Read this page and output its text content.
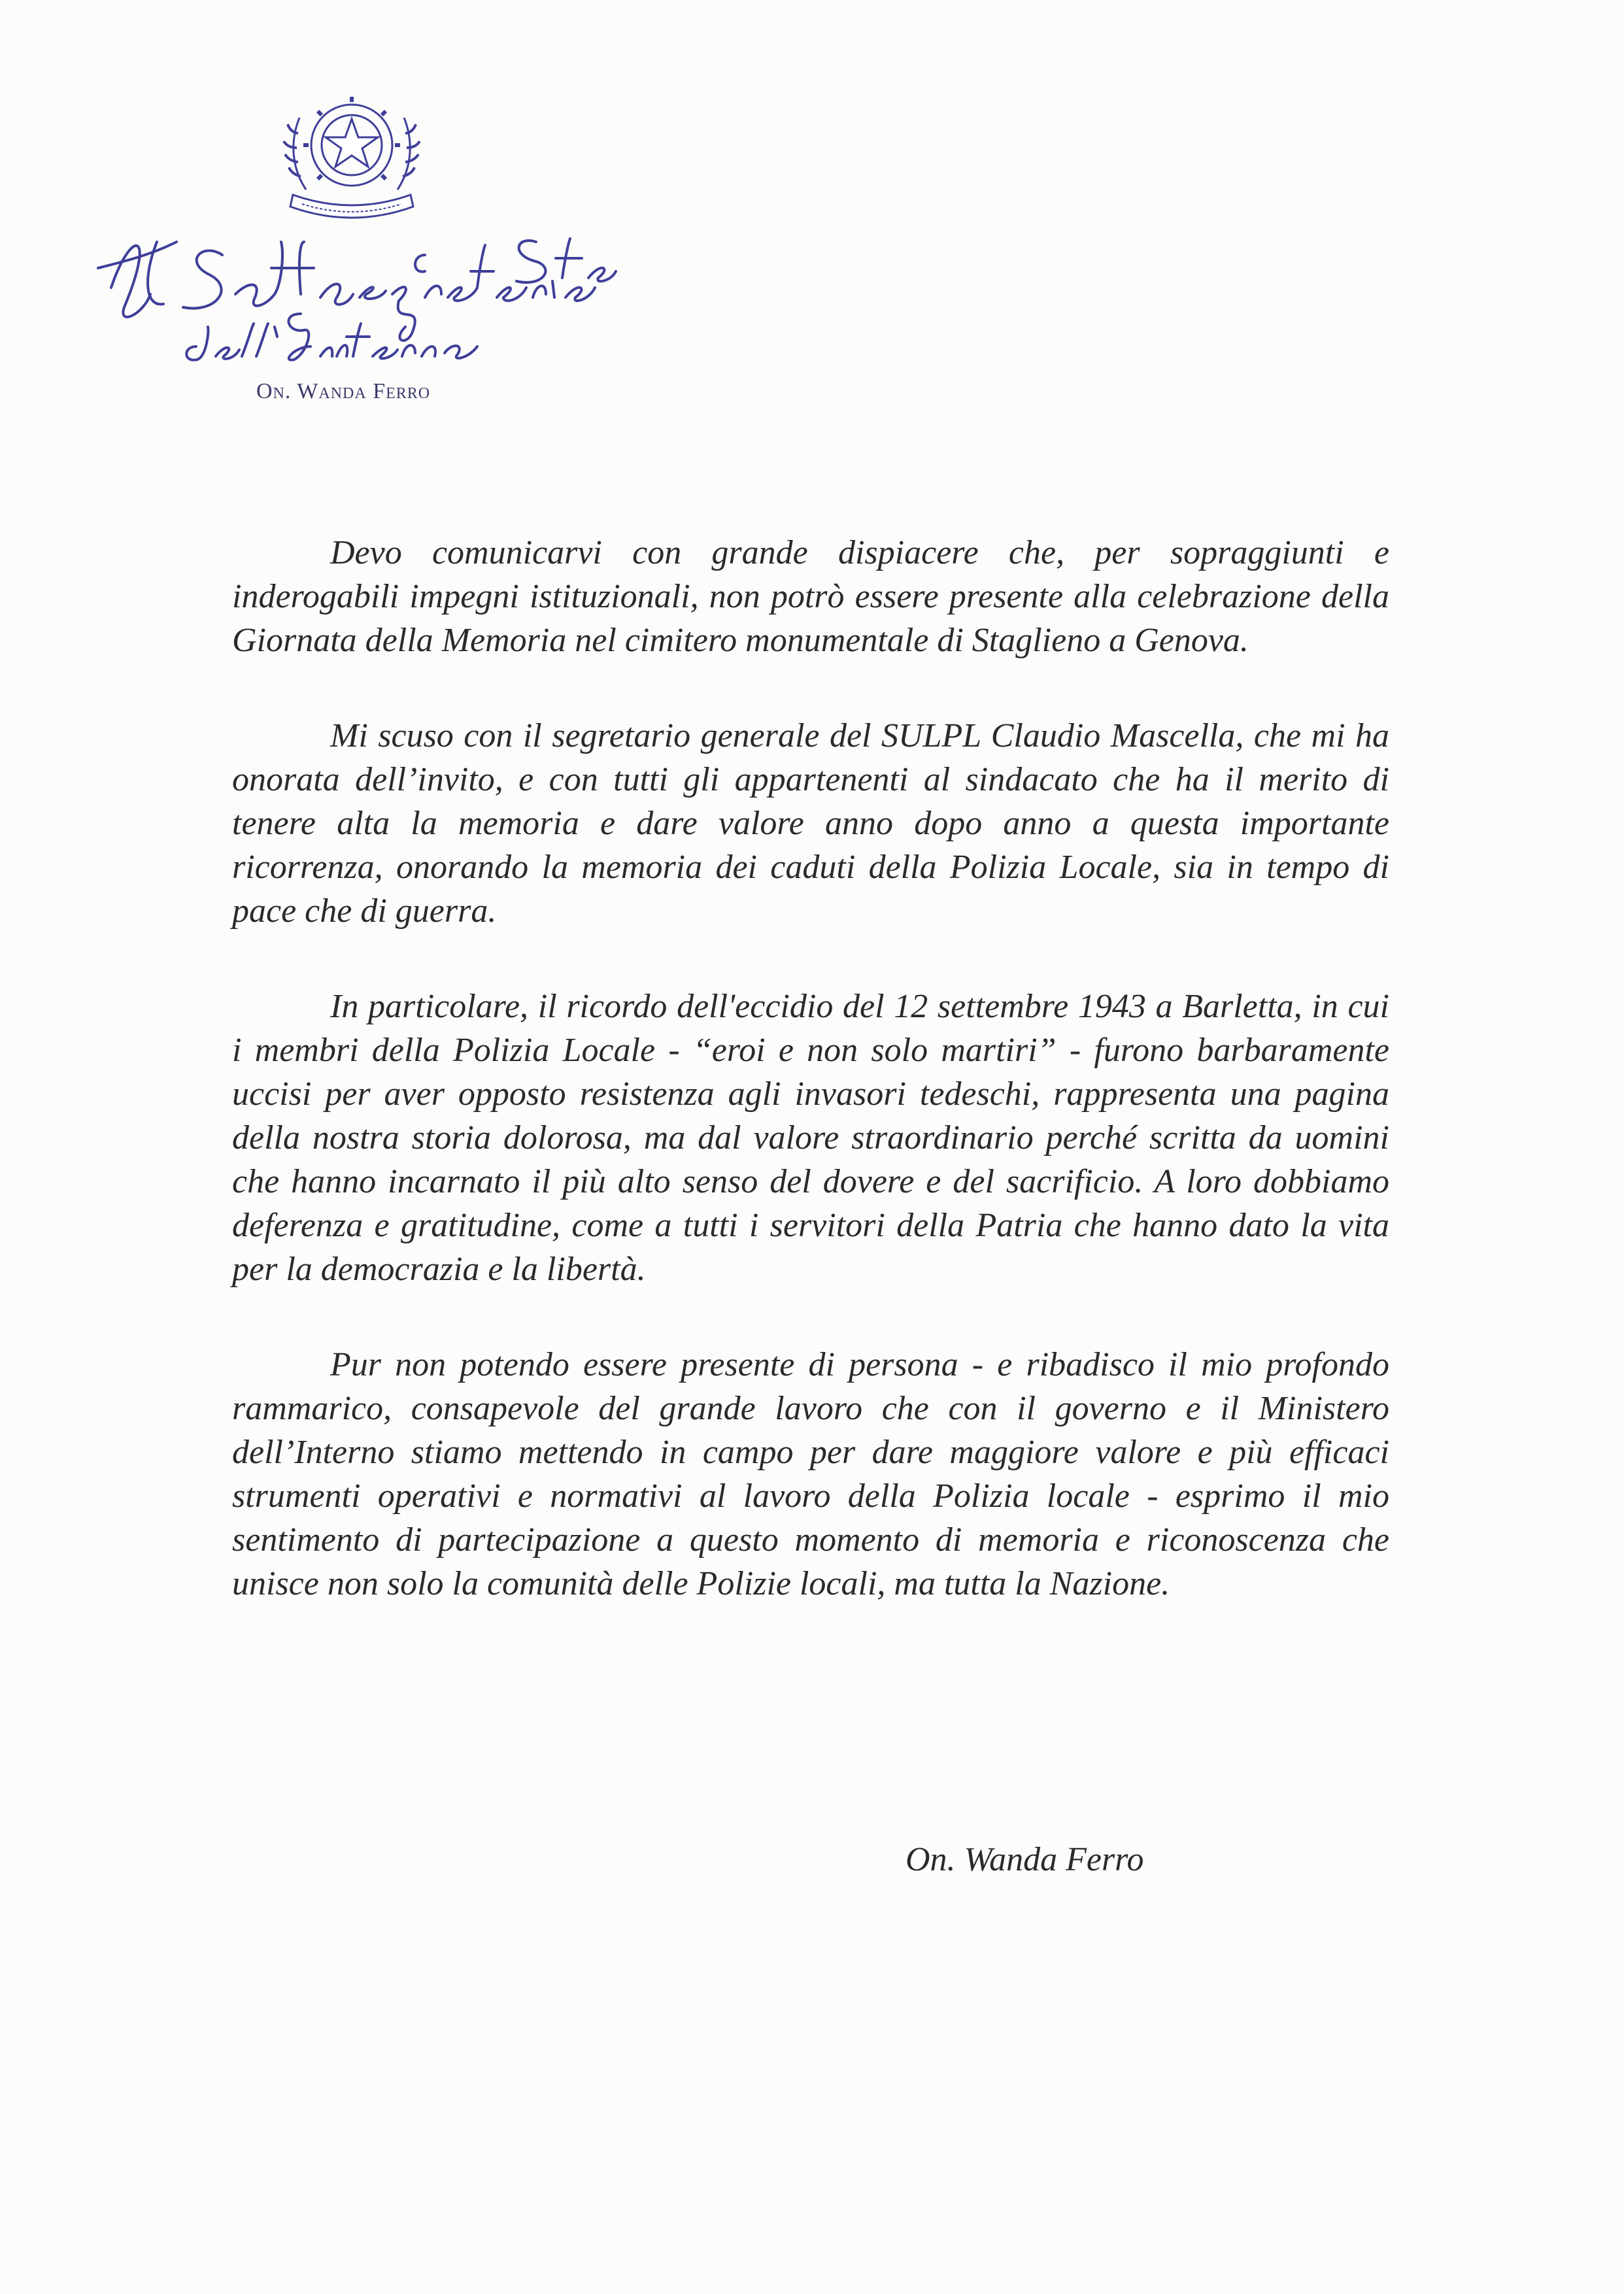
On. Wanda Ferro

Devo comunicarvi con grande dispiacere che, per sopraggiunti e inderogabili impegni istituzionali, non potrò essere presente alla celebrazione della Giornata della Memoria nel cimitero monumentale di Staglieno a Genova.

Mi scuso con il segretario generale del SULPL Claudio Mascella, che mi ha onorata dell’invito, e con tutti gli appartenenti al sindacato che ha il merito di tenere alta la memoria e dare valore anno dopo anno a questa importante ricorrenza, onorando la memoria dei caduti della Polizia Locale, sia in tempo di pace che di guerra.

In particolare, il ricordo dell'eccidio del 12 settembre 1943 a Barletta, in cui i membri della Polizia Locale - “eroi e non solo martiri” - furono barbaramente uccisi per aver opposto resistenza agli invasori tedeschi, rappresenta una pagina della nostra storia dolorosa, ma dal valore straordinario perché scritta da uomini che hanno incarnato il più alto senso del dovere e del sacrificio. A loro dobbiamo deferenza e gratitudine, come a tutti i servitori della Patria che hanno dato la vita per la democrazia e la libertà.

Pur non potendo essere presente di persona - e ribadisco il mio profondo rammarico, consapevole del grande lavoro che con il governo e il Ministero dell’Interno stiamo mettendo in campo per dare maggiore valore e più efficaci strumenti operativi e normativi al lavoro della Polizia locale - esprimo il mio sentimento di partecipazione a questo momento di memoria e riconoscenza che unisce non solo la comunità delle Polizie locali, ma tutta la Nazione.

On. Wanda Ferro
